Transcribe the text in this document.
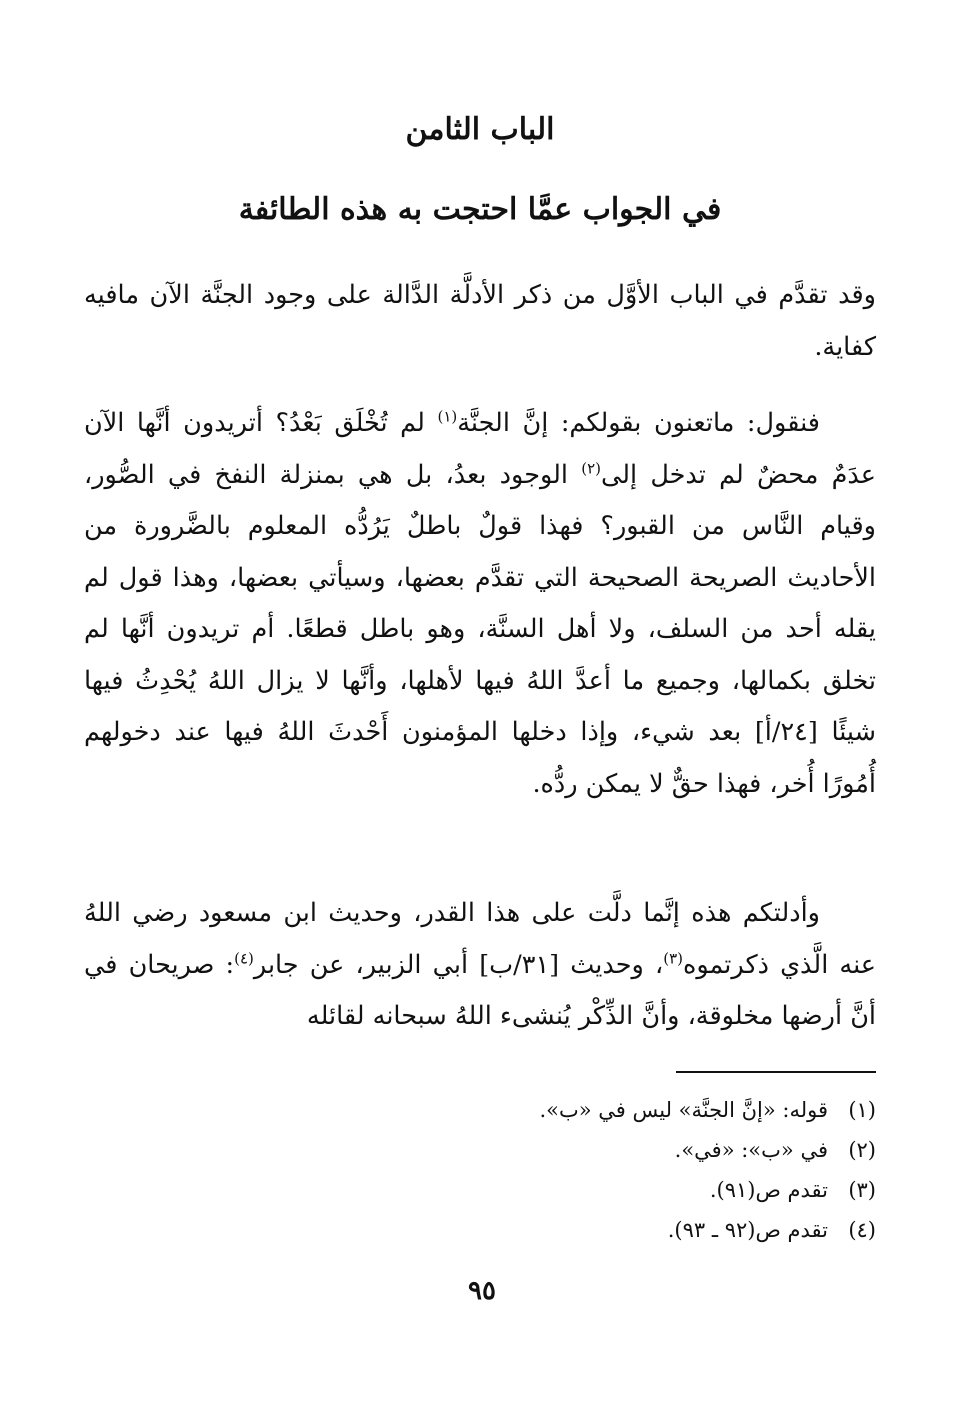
الباب الثامن
في الجواب عمَّا احتجت به هذه الطائفة

وقد تقدَّم في الباب الأوَّل من ذكر الأدلَّة الدَّالة على وجود الجنَّة الآن مافيه كفاية.

فنقول: ماتعنون بقولكم: إنَّ الجنَّة$^{(١)}$ لم تُخْلَق بَعْدُ؟ أتريدون أنَّها الآن عدَمٌ محضٌ لم تدخل إلى$^{(٢)}$ الوجود بعدُ، بل هي بمنزلة النفخ في الصُّور، وقيام النَّاس من القبور؟ فهذا قولٌ باطلٌ يَرُدُّه المعلوم بالضَّرورة من الأحاديث الصريحة الصحيحة التي تقدَّم بعضها، وسيأتي بعضها، وهذا قول لم يقله أحد من السلف، ولا أهل السنَّة، وهو باطل قطعًا. أم تريدون أنَّها لم تخلق بكمالها، وجميع ما أعدَّ اللهُ فيها لأهلها، وأنَّها لا يزال اللهُ يُحْدِثُ فيها شيئًا [٢٤/أ] بعد شيء، وإذا دخلها المؤمنون أَحْدثَ اللهُ فيها عند دخولهم أُمُورًا أُخر، فهذا حقٌّ لا يمكن ردُّه.

وأدلتكم هذه إنَّما دلَّت على هذا القدر، وحديث ابن مسعود رضي اللهُ عنه الَّذي ذكرتموه$^{(٣)}$، وحديث [٣١/ب] أبي الزبير، عن جابر$^{(٤)}$: صريحان في أنَّ أرضها مخلوقة، وأنَّ الذِّكْر يُنشىء اللهُ سبحانه لقائله

(١)قوله: «إنَّ الجنَّة» ليس في «ب».
(٢)في «ب»: «في».
(٣)تقدم ص(٩١).
(٤)تقدم ص(٩٢ ـ ٩٣).
٩٥
